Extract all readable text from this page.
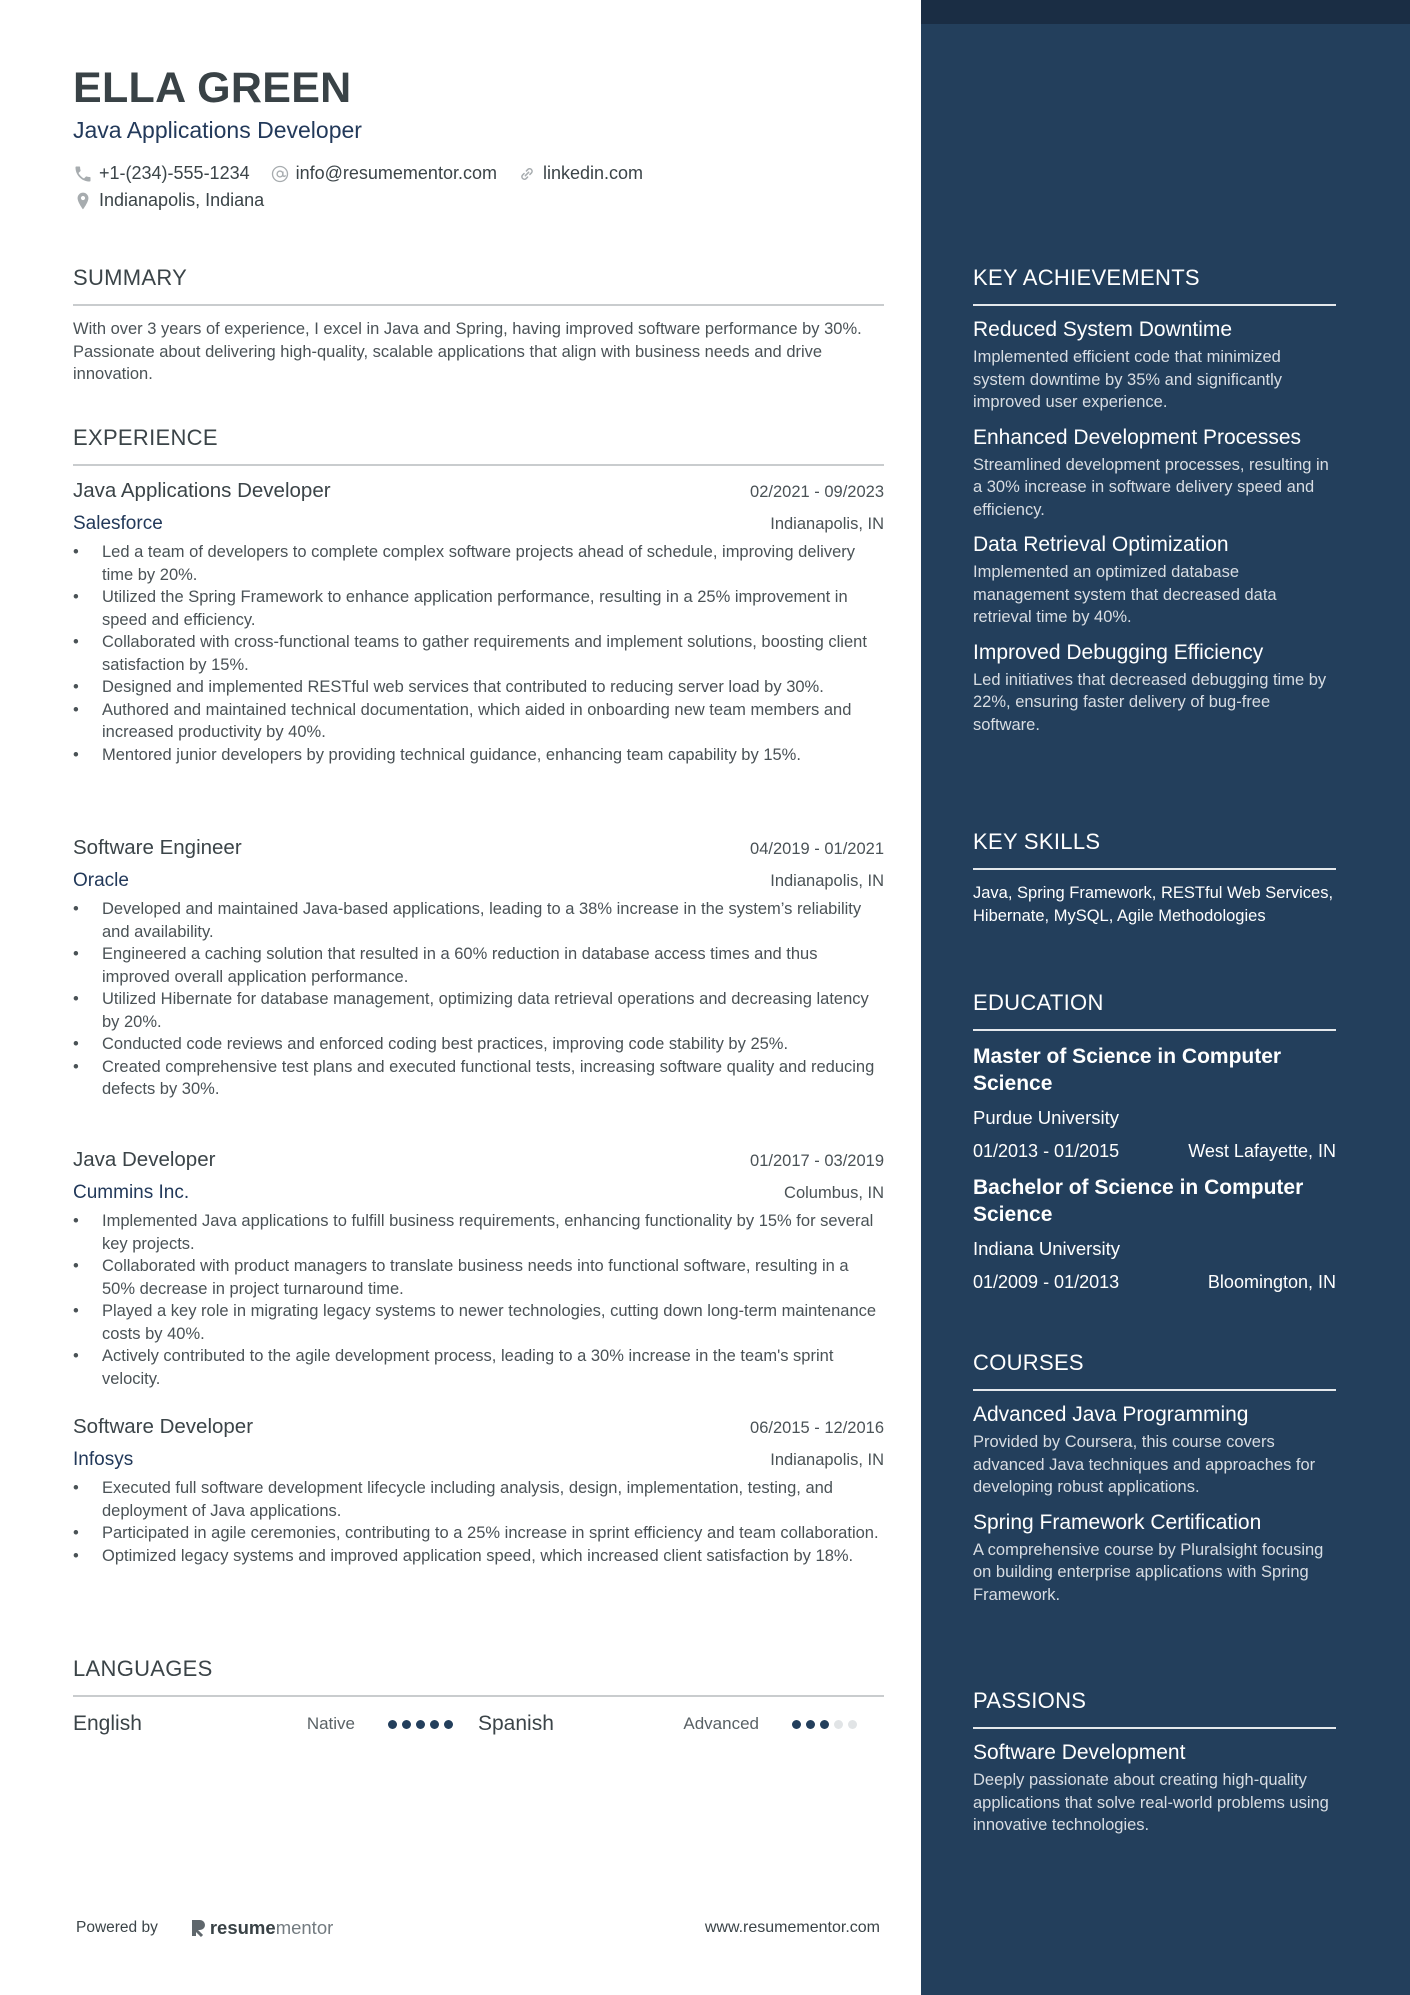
ELLA GREEN
Java Applications Developer
+1-(234)-555-1234	info@resumementor.com	linkedin.com
Indianapolis, Indiana
SUMMARY
With over 3 years of experience, I excel in Java and Spring, having improved software performance by 30%. Passionate about delivering high-quality, scalable applications that align with business needs and drive innovation.
EXPERIENCE
Java Applications Developer	02/2021 - 09/2023
Salesforce	Indianapolis, IN
• Led a team of developers to complete complex software projects ahead of schedule, improving delivery time by 20%.
• Utilized the Spring Framework to enhance application performance, resulting in a 25% improvement in speed and efficiency.
• Collaborated with cross-functional teams to gather requirements and implement solutions, boosting client satisfaction by 15%.
• Designed and implemented RESTful web services that contributed to reducing server load by 30%.
• Authored and maintained technical documentation, which aided in onboarding new team members and increased productivity by 40%.
• Mentored junior developers by providing technical guidance, enhancing team capability by 15%.
Software Engineer	04/2019 - 01/2021
Oracle	Indianapolis, IN
• Developed and maintained Java-based applications, leading to a 38% increase in the system’s reliability and availability.
• Engineered a caching solution that resulted in a 60% reduction in database access times and thus improved overall application performance.
• Utilized Hibernate for database management, optimizing data retrieval operations and decreasing latency by 20%.
• Conducted code reviews and enforced coding best practices, improving code stability by 25%.
• Created comprehensive test plans and executed functional tests, increasing software quality and reducing defects by 30%.
Java Developer	01/2017 - 03/2019
Cummins Inc.	Columbus, IN
• Implemented Java applications to fulfill business requirements, enhancing functionality by 15% for several key projects.
• Collaborated with product managers to translate business needs into functional software, resulting in a 50% decrease in project turnaround time.
• Played a key role in migrating legacy systems to newer technologies, cutting down long-term maintenance costs by 40%.
• Actively contributed to the agile development process, leading to a 30% increase in the team's sprint velocity.
Software Developer	06/2015 - 12/2016
Infosys	Indianapolis, IN
• Executed full software development lifecycle including analysis, design, implementation, testing, and deployment of Java applications.
• Participated in agile ceremonies, contributing to a 25% increase in sprint efficiency and team collaboration.
• Optimized legacy systems and improved application speed, which increased client satisfaction by 18%.
LANGUAGES
English	Native	Spanish	Advanced
Powered by	resume mentor	www.resumementor.com
KEY ACHIEVEMENTS
Reduced System Downtime
Implemented efficient code that minimized system downtime by 35% and significantly improved user experience.
Enhanced Development Processes
Streamlined development processes, resulting in a 30% increase in software delivery speed and efficiency.
Data Retrieval Optimization
Implemented an optimized database management system that decreased data retrieval time by 40%.
Improved Debugging Efficiency
Led initiatives that decreased debugging time by 22%, ensuring faster delivery of bug-free software.
KEY SKILLS
Java, Spring Framework, RESTful Web Services, Hibernate, MySQL, Agile Methodologies
EDUCATION
Master of Science in Computer Science
Purdue University
01/2013 - 01/2015	West Lafayette, IN
Bachelor of Science in Computer Science
Indiana University
01/2009 - 01/2013	Bloomington, IN
COURSES
Advanced Java Programming
Provided by Coursera, this course covers advanced Java techniques and approaches for developing robust applications.
Spring Framework Certification
A comprehensive course by Pluralsight focusing on building enterprise applications with Spring Framework.
PASSIONS
Software Development
Deeply passionate about creating high-quality applications that solve real-world problems using innovative technologies.
